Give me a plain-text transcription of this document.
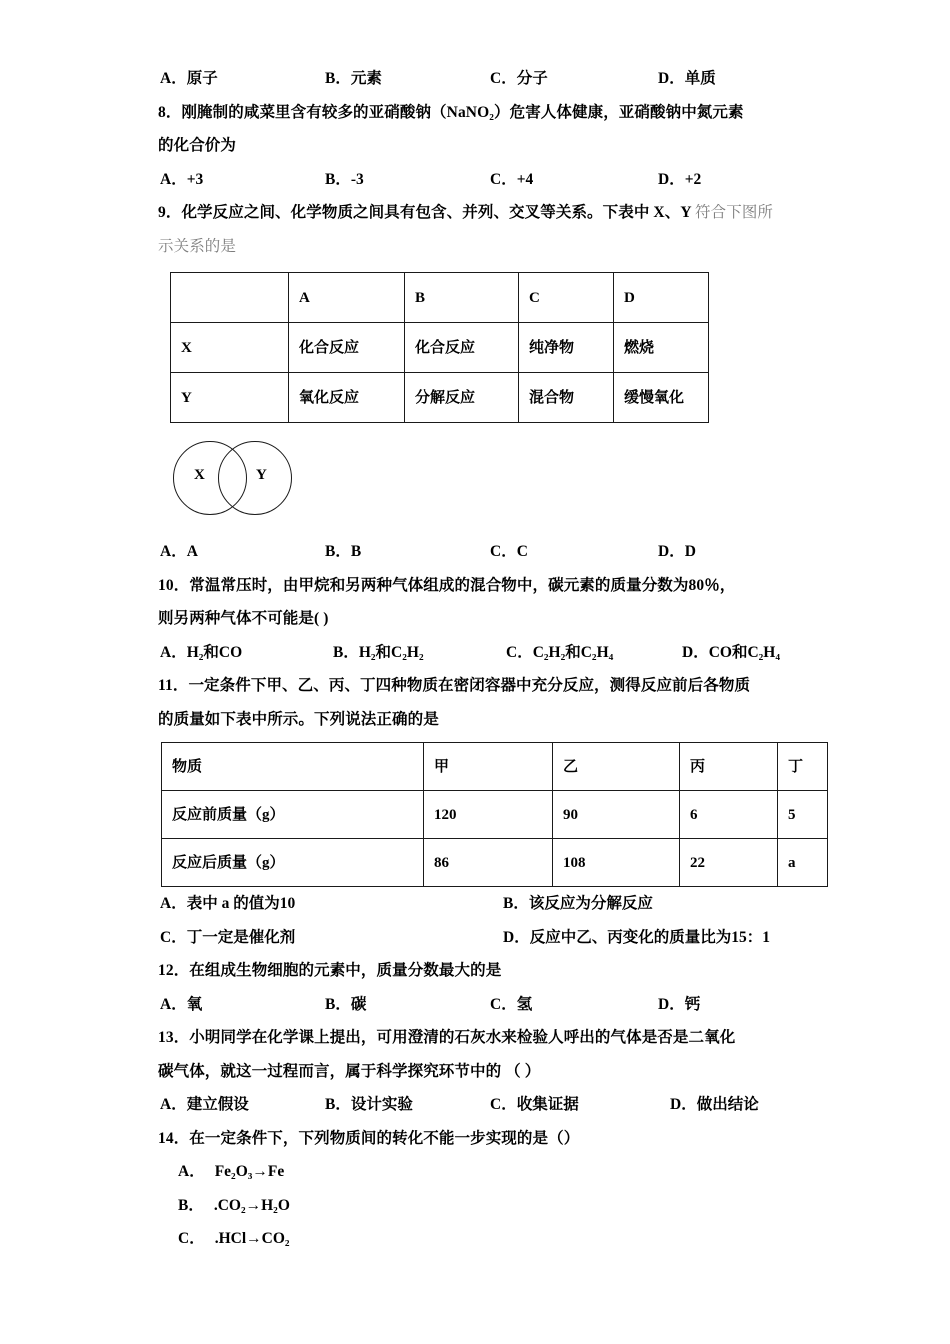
A．原子	B．元素	C．分子	D．单质
8．刚腌制的咸菜里含有较多的亚硝酸钠（NaNO₂）危害人体健康，亚硝酸钠中氮元素
的化合价为
A．+3	B．-3	C．+4	D．+2
9．化学反应之间、化学物质之间具有包含、并列、交叉等关系。下表中 X、Y 符合下图所
示关系的是
	A	B	C	D
X	化合反应	化合反应	纯净物	燃烧
Y	氧化反应	分解反应	混合物	缓慢氧化
X	Y
A．A	B．B	C．C	D．D
10．常温常压时，由甲烷和另两种气体组成的混合物中，碳元素的质量分数为80％，
则另两种气体不可能是( )
A．H₂和CO	B．H₂和C₂H₂	C．C₂H₂和C₂H₄	D．CO和C₂H₄
11．一定条件下甲、乙、丙、丁四种物质在密闭容器中充分反应，测得反应前后各物质
的质量如下表中所示。下列说法正确的是
物质	甲	乙	丙	丁
反应前质量（g）	120	90	6	5
反应后质量（g）	86	108	22	a
A．表中 a 的值为10	B．该反应为分解反应
C．丁一定是催化剂	D．反应中乙、丙变化的质量比为15：1
12．在组成生物细胞的元素中，质量分数最大的是
A．氧	B．碳	C．氢	D．钙
13．小明同学在化学课上提出，可用澄清的石灰水来检验人呼出的气体是否是二氧化
碳气体，就这一过程而言，属于科学探究环节中的 （ ）
A．建立假设	B．设计实验	C．收集证据	D．做出结论
14．在一定条件下，下列物质间的转化不能一步实现的是（）
A． Fe₂O₃→Fe
B． .CO₂→H₂O
C． .HCl→CO₂
